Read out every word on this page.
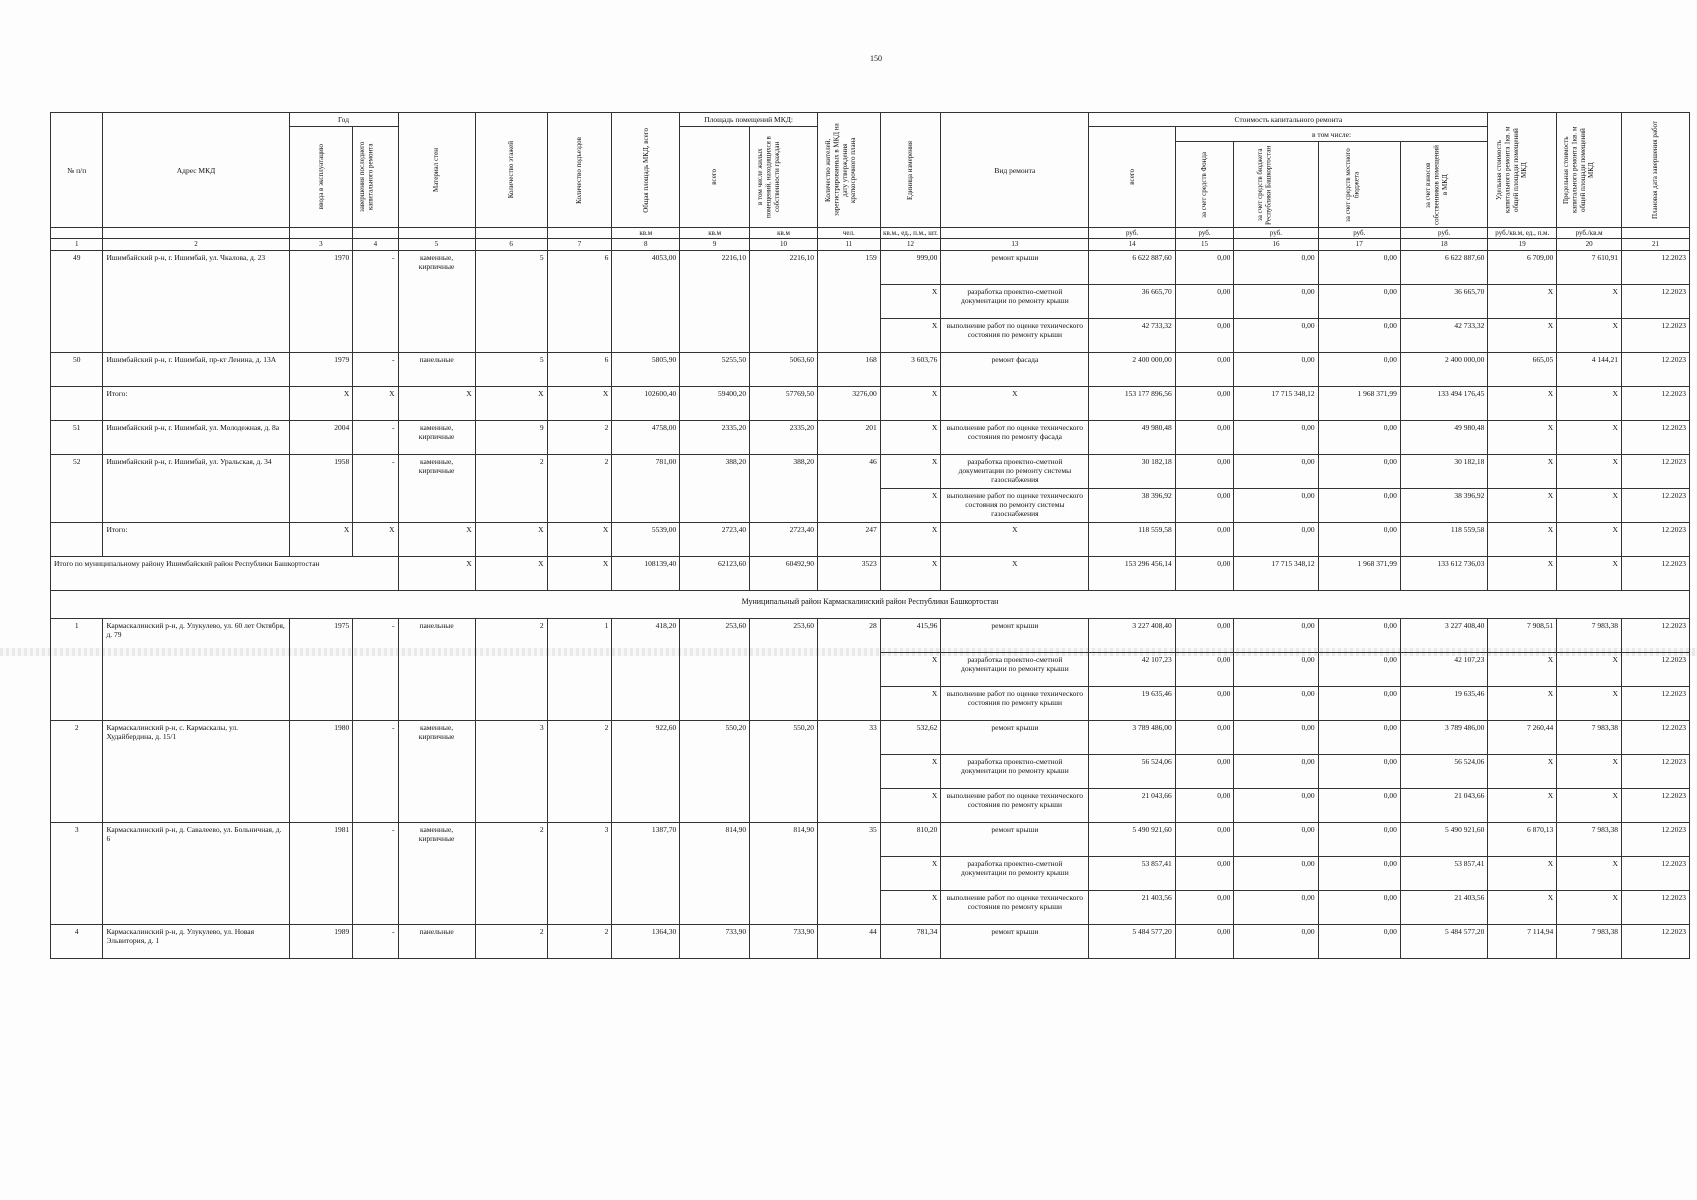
150
№ п/п	Адрес МКД	Год		Материал стен	Количество этажей	Количество подъездов	Общая площадь МКД, всего	Площадь помещений МКД:		Количество жителей, зарегистрированных в МКД на дату утверждения краткосрочного плана	Единица измерения	Вид ремонта	Стоимость капитального ремонта					Удельная стоимость капитального ремонта 1кв. м общей площади помещений МКД	Предельная стоимость капитального ремонта 1кв. м общей площади помещений МКД	Плановая дата завершения работ

		ввода в эксплуатацию	завершения последнего капитального ремонта					всего	в том числе жилых помещений, находящихся в собственности граждан				всего	в том числе:						

														за счет средств Фонда	за счет средств бюджета Республики Башкортостан	за счет средств местного бюджета	за счет взносов собственников помещений в МКД			

							кв.м	кв.м	кв.м	чел.	кв.м., ед., п.м., шт.		руб.	руб.	руб.	руб.	руб.	руб./кв.м, ед., п.м.	руб./кв.м	
1	2	3	4	5	6	7	8	9	10	11	12	13	14	15	16	17	18	19	20	21
49	Ишимбайский р-н, г. Ишимбай, ул. Чкалова, д. 23	1970	-	каменные, кирпичные	5	6	4053,00	2216,10	2216,10	159	999,00	ремонт крыши	6 622 887,60	0,00	0,00	0,00	6 622 887,60	6 709,00	7 610,91	12.2023
											X	разработка проектно-сметной документации по ремонту крыши	36 665,70	0,00	0,00	0,00	36 665,70	X	X	12.2023
											X	выполнение работ по оценке технического состояния по ремонту крыши	42 733,32	0,00	0,00	0,00	42 733,32	X	X	12.2023
50	Ишимбайский р-н, г. Ишимбай, пр-кт Ленина, д. 13А	1979	-	панельные	5	6	5805,90	5255,50	5063,60	168	3 603,76	ремонт фасада	2 400 000,00	0,00	0,00	0,00	2 400 000,00	665,05	4 144,21	12.2023
	Итого:	X	X	X	X	X	102600,40	59400,20	57769,50	3276,00	X	X	153 177 896,56	0,00	17 715 348,12	1 968 371,99	133 494 176,45	X	X	12.2023
51	Ишимбайский р-н, г. Ишимбай, ул. Молодежная, д. 8а	2004	-	каменные, кирпичные	9	2	4758,00	2335,20	2335,20	201	X	выполнение работ по оценке технического состояния по ремонту фасада	49 980,48	0,00	0,00	0,00	49 980,48	X	X	12.2023
52	Ишимбайский р-н, г. Ишимбай, ул. Уральская, д. 34	1958	-	каменные, кирпичные	2	2	781,00	388,20	388,20	46	X	разработка проектно-сметной документации по ремонту системы газоснабжения	30 182,18	0,00	0,00	0,00	30 182,18	X	X	12.2023
											X	выполнение работ по оценке технического состояния по ремонту системы газоснабжения	38 396,92	0,00	0,00	0,00	38 396,92	X	X	12.2023
	Итого:	X	X	X	X	X	5539,00	2723,40	2723,40	247	X	X	118 559,58	0,00	0,00	0,00	118 559,58	X	X	12.2023
Итого по муниципальному району Ишимбайский район Республики Башкортостан				X	X	X	108139,40	62123,60	60492,90	3523	X	X	153 296 456,14	0,00	17 715 348,12	1 968 371,99	133 612 736,03	X	X	12.2023
Муниципальный район Кармаскалинский район Республики Башкортостан																				
1	Кармаскалинский р-н, д. Улукулево, ул. 60 лет Октября, д. 79	1975	-	панельные	2	1	418,20	253,60	253,60	28	415,96	ремонт крыши	3 227 408,40	0,00	0,00	0,00	3 227 408,40	7 908,51	7 983,38	12.2023
											X	разработка проектно-сметной документации по ремонту крыши	42 107,23	0,00	0,00	0,00	42 107,23	X	X	12.2023
											X	выполнение работ по оценке технического состояния по ремонту крыши	19 635,46	0,00	0,00	0,00	19 635,46	X	X	12.2023
2	Кармаскалинский р-н, с. Кармаскалы, ул. Худайбердина, д. 15/1	1980	-	каменные, кирпичные	3	2	922,60	550,20	550,20	33	532,62	ремонт крыши	3 789 486,00	0,00	0,00	0,00	3 789 486,00	7 260,44	7 983,38	12.2023
											X	разработка проектно-сметной документации по ремонту крыши	56 524,06	0,00	0,00	0,00	56 524,06	X	X	12.2023
											X	выполнение работ по оценке технического состояния по ремонту крыши	21 043,66	0,00	0,00	0,00	21 043,66	X	X	12.2023
3	Кармаскалинский р-н, д. Савалеево, ул. Больничная, д. 6	1981	-	каменные, кирпичные	2	3	1387,70	814,90	814,90	35	810,20	ремонт крыши	5 490 921,60	0,00	0,00	0,00	5 490 921,60	6 870,13	7 983,38	12.2023
											X	разработка проектно-сметной документации по ремонту крыши	53 857,41	0,00	0,00	0,00	53 857,41	X	X	12.2023
											X	выполнение работ по оценке технического состояния по ремонту крыши	21 403,56	0,00	0,00	0,00	21 403,56	X	X	12.2023
4	Кармаскалинский р-н, д. Улукулево, ул. Новая Эльвитория, д. 1	1989	-	панельные	2	2	1364,30	733,90	733,90	44	781,34	ремонт крыши	5 484 577,20	0,00	0,00	0,00	5 484 577,20	7 114,94	7 983,38	12.2023
